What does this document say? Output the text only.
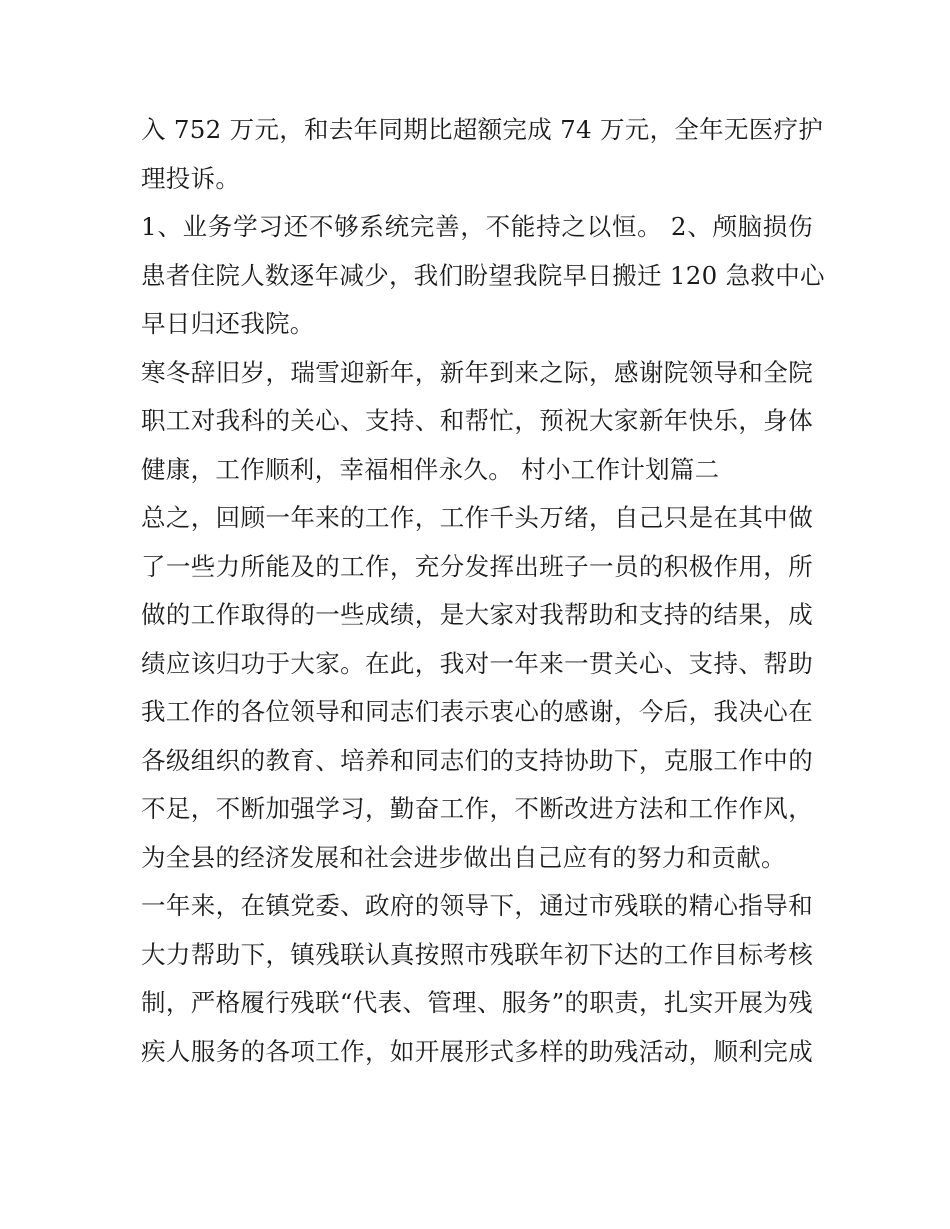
入 752 万元，和去年同期比超额完成 74 万元，全年无医疗护
理投诉。
1、业务学习还不够系统完善，不能持之以恒。 2、颅脑损伤
患者住院人数逐年减少，我们盼望我院早日搬迁 120 急救中心
早日归还我院。
寒冬辞旧岁，瑞雪迎新年，新年到来之际，感谢院领导和全院
职工对我科的关心、支持、和帮忙，预祝大家新年快乐，身体
健康，工作顺利，幸福相伴永久。 村小工作计划篇二
总之，回顾一年来的工作，工作千头万绪，自己只是在其中做
了一些力所能及的工作，充分发挥出班子一员的积极作用，所
做的工作取得的一些成绩，是大家对我帮助和支持的结果，成
绩应该归功于大家。在此，我对一年来一贯关心、支持、帮助
我工作的各位领导和同志们表示衷心的感谢，今后，我决心在
各级组织的教育、培养和同志们的支持协助下，克服工作中的
不足，不断加强学习，勤奋工作，不断改进方法和工作作风，
为全县的经济发展和社会进步做出自己应有的努力和贡献。
一年来，在镇党委、政府的领导下，通过市残联的精心指导和
大力帮助下，镇残联认真按照市残联年初下达的工作目标考核
制，严格履行残联“代表、管理、服务”的职责，扎实开展为残
疾人服务的各项工作，如开展形式多样的助残活动，顺利完成
